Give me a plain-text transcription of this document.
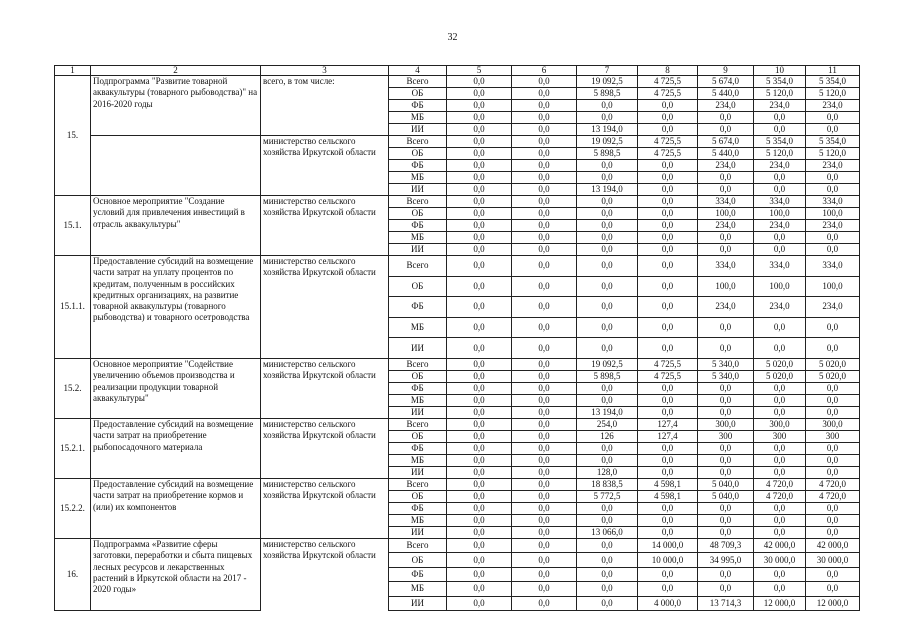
32
1	2	3	4	5	6	7	8	9	10	11
15.	Подпрограмма "Развитие товарной аквакультуры (товарного рыбоводства)" на 2016-2020 годы	всего, в том числе:	Всего	0,0	0,0	19 092,5	4 725,5	5 674,0	5 354,0	5 354,0
			ОБ	0,0	0,0	5 898,5	4 725,5	5 440,0	5 120,0	5 120,0
			ФБ	0,0	0,0	0,0	0,0	234,0	234,0	234,0
			МБ	0,0	0,0	0,0	0,0	0,0	0,0	0,0
			ИИ	0,0	0,0	13 194,0	0,0	0,0	0,0	0,0
		министерство сельского хозяйства Иркутской области	Всего	0,0	0,0	19 092,5	4 725,5	5 674,0	5 354,0	5 354,0
			ОБ	0,0	0,0	5 898,5	4 725,5	5 440,0	5 120,0	5 120,0
			ФБ	0,0	0,0	0,0	0,0	234,0	234,0	234,0
			МБ	0,0	0,0	0,0	0,0	0,0	0,0	0,0
			ИИ	0,0	0,0	13 194,0	0,0	0,0	0,0	0,0
15.1.	Основное мероприятие "Создание условий для привлечения инвестиций в отрасль аквакультуры"	министерство сельского хозяйства Иркутской области	Всего	0,0	0,0	0,0	0,0	334,0	334,0	334,0
			ОБ	0,0	0,0	0,0	0,0	100,0	100,0	100,0
			ФБ	0,0	0,0	0,0	0,0	234,0	234,0	234,0
			МБ	0,0	0,0	0,0	0,0	0,0	0,0	0,0
			ИИ	0,0	0,0	0,0	0,0	0,0	0,0	0,0
15.1.1.	Предоставление субсидий на возмещение части затрат на уплату процентов по кредитам, полученным в российских кредитных организациях, на развитие товарной аквакультуры (товарного рыбоводства) и товарного осетроводства	министерство сельского хозяйства Иркутской области	Всего	0,0	0,0	0,0	0,0	334,0	334,0	334,0
			ОБ	0,0	0,0	0,0	0,0	100,0	100,0	100,0
			ФБ	0,0	0,0	0,0	0,0	234,0	234,0	234,0
			МБ	0,0	0,0	0,0	0,0	0,0	0,0	0,0
			ИИ	0,0	0,0	0,0	0,0	0,0	0,0	0,0
15.2.	Основное мероприятие "Содействие увеличению объемов производства и реализации продукции товарной аквакультуры"	министерство сельского хозяйства Иркутской области	Всего	0,0	0,0	19 092,5	4 725,5	5 340,0	5 020,0	5 020,0
			ОБ	0,0	0,0	5 898,5	4 725,5	5 340,0	5 020,0	5 020,0
			ФБ	0,0	0,0	0,0	0,0	0,0	0,0	0,0
			МБ	0,0	0,0	0,0	0,0	0,0	0,0	0,0
			ИИ	0,0	0,0	13 194,0	0,0	0,0	0,0	0,0
15.2.1.	Предоставление субсидий на возмещение части затрат на приобретение рыбопосадочного материала	министерство сельского хозяйства Иркутской области	Всего	0,0	0,0	254,0	127,4	300,0	300,0	300,0
			ОБ	0,0	0,0	126	127,4	300	300	300
			ФБ	0,0	0,0	0,0	0,0	0,0	0,0	0,0
			МБ	0,0	0,0	0,0	0,0	0,0	0,0	0,0
			ИИ	0,0	0,0	128,0	0,0	0,0	0,0	0,0
15.2.2.	Предоставление субсидий на возмещение части затрат на приобретение кормов и (или) их компонентов	министерство сельского хозяйства Иркутской области	Всего	0,0	0,0	18 838,5	4 598,1	5 040,0	4 720,0	4 720,0
			ОБ	0,0	0,0	5 772,5	4 598,1	5 040,0	4 720,0	4 720,0
			ФБ	0,0	0,0	0,0	0,0	0,0	0,0	0,0
			МБ	0,0	0,0	0,0	0,0	0,0	0,0	0,0
			ИИ	0,0	0,0	13 066,0	0,0	0,0	0,0	0,0
16.	Подпрограмма «Развитие сферы заготовки, переработки и сбыта пищевых лесных ресурсов и лекарственных растений в Иркутской области на 2017 - 2020 годы»	министерство сельского хозяйства Иркутской области	Всего	0,0	0,0	0,0	14 000,0	48 709,3	42 000,0	42 000,0
			ОБ	0,0	0,0	0,0	10 000,0	34 995,0	30 000,0	30 000,0
			ФБ	0,0	0,0	0,0	0,0	0,0	0,0	0,0
			МБ	0,0	0,0	0,0	0,0	0,0	0,0	0,0
			ИИ	0,0	0,0	0,0	4 000,0	13 714,3	12 000,0	12 000,0
